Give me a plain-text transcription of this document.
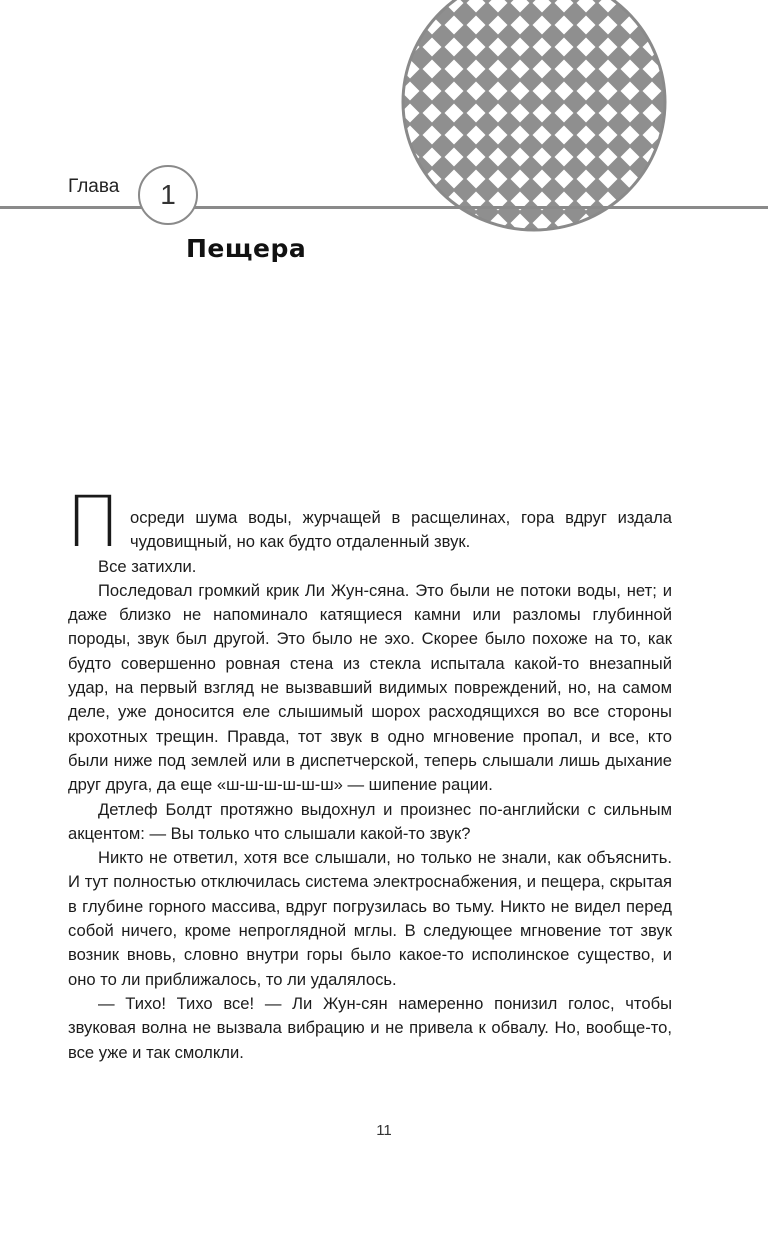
Глава 1
Пещера
П осреди шума воды, журчащей в расщелинах, гора вдруг издала
чудовищный, но как будто отдаленный звук.

Все затихли.

Последовал громкий крик Ли Жун-сяна. Это были не потоки воды, нет; и даже близко не напоминало катящиеся камни или разломы глубинной породы, звук был другой. Это было не эхо. Скорее было похоже на то, как будто совершенно ровная стена из стекла испытала какой-то внезапный удар, на первый взгляд не вызвавший видимых повреждений, но, на самом деле, уже доносится еле слышимый шорох расходящихся во все стороны крохотных трещин. Правда, тот звук в одно мгновение пропал, и все, кто были ниже под землей или в диспетчерской, теперь слышали лишь дыхание друг друга, да еще «ш-ш-ш-ш-ш-ш» — шипение рации.

Детлеф Болдт протяжно выдохнул и произнес по-английски с сильным акцентом: — Вы только что слышали какой-то звук?

Никто не ответил, хотя все слышали, но только не знали, как объяснить. И тут полностью отключилась система электроснабжения, и пещера, скрытая в глубине горного массива, вдруг погрузилась во тьму. Никто не видел перед собой ничего, кроме непроглядной мглы. В следующее мгновение тот звук возник вновь, словно внутри горы было какое-то исполинское существо, и оно то ли приближалось, то ли удалялось.

— Тихо! Тихо все! — Ли Жун-сян намеренно понизил голос, чтобы звуковая волна не вызвала вибрацию и не привела к обвалу. Но, вообще-то, все уже и так смолкли.

11
